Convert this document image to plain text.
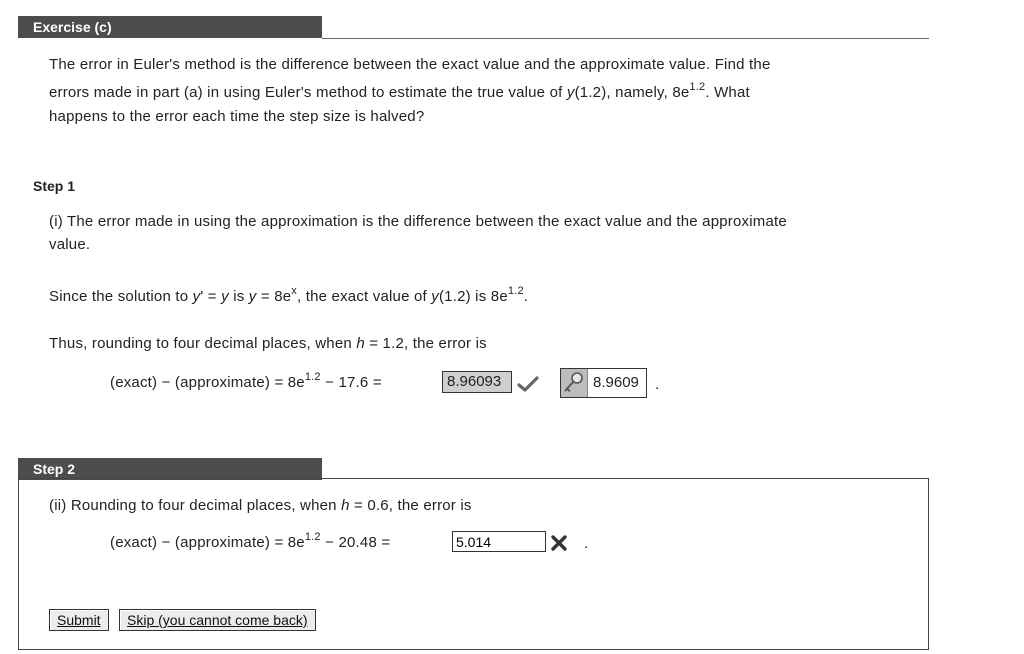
Exercise (c)
The error in Euler's method is the difference between the exact value and the approximate value. Find the
errors made in part (a) in using Euler's method to estimate the true value of y(1.2), namely, $8e^{1.2}$. What
happens to the error each time the step size is halved?
Step 1
(i) The error made in using the approximation is the difference between the exact value and the approximate
value.
Since the solution to y' = y is $y = 8e^x$, the exact value of y(1.2) is $8e^{1.2}$.
Thus, rounding to four decimal places, when h = 1.2, the error is
(exact) − (approximate) = $8e^{1.2} - 17.6$ =	8.96093	8.9609 .
Step 2
(ii) Rounding to four decimal places, when h = 0.6, the error is
(exact) − (approximate) = $8e^{1.2} - 20.48$ =
5.014	.
Submit	Skip (you cannot come back)
